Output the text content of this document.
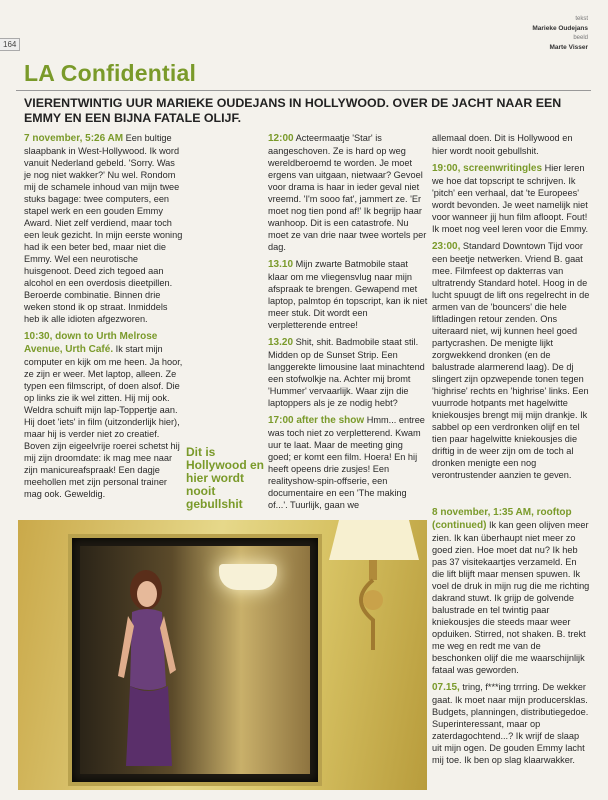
164
tekst
Marieke Oudejans
beeld
Marte Visser
LA Confidential
VIERENTWINTIG UUR MARIEKE OUDEJANS IN HOLLYWOOD. OVER DE JACHT NAAR EEN EMMY EN EEN BIJNA FATALE OLIJF.

7 november, 5:26 AM Een bultige slaapbank in West-Hollywood. Ik word vanuit Nederland gebeld. 'Sorry. Was je nog niet wakker?' Nu wel. Rondom mij de schamele inhoud van mijn twee stuks bagage: twee computers, een stapel werk en een gouden Emmy Award. Niet zelf verdiend, maar toch een leuk gezicht. In mijn eerste woning had ik een beter bed, maar niet die Emmy. Wel een neurotische huisgenoot. Deed zich tegoed aan alcohol en een overdosis dieetpillen. Beroerde combinatie. Binnen drie weken stond ik op straat. Inmiddels heb ik alle idioten afgezworen.

10:30, down to Urth Melrose Avenue, Urth Café. Ik start mijn computer en kijk om me heen. Ja hoor, ze zijn er weer. Met laptop, alleen. Ze typen een filmscript, of doen alsof. Die op links zie ik wel zitten. Hij mij ook. Weldra schuift mijn lap-Toppertje aan. Hij doet 'iets' in film (uitzonderlijk hier), maar hij is verder niet zo creatief. Boven zijn eigeelvrije roerei schetst hij mij zijn droomdate: ik mag mee naar zijn manicureafspraak! Een dagje meehollen met zijn personal trainer mag ook. Geweldig.

Dit is Hollywood en hier wordt nooit gebullshit

12:00 Acteermaatje 'Star' is aangeschoven. Ze is hard op weg wereldberoemd te worden. Je moet ergens van uitgaan, nietwaar? Gevoel voor drama is haar in ieder geval niet vreemd. 'I'm sooo fat', jammert ze. 'Er moet nog tien pond af!' Ik begrijp haar wanhoop. Dit is een catastrofe. Nu moet ze van drie naar twee wortels per dag.

13.10 Mijn zwarte Batmobile staat klaar om me vliegensvlug naar mijn afspraak te brengen. Gewapend met laptop, palmtop én topscript, kan ik niet meer stuk. Dit wordt een verpletterende entree!

13.20 Shit, shit. Badmobile staat stil. Midden op de Sunset Strip. Een langgerekte limousine laat minachtend een stofwolkje na. Achter mij bromt 'Hummer' vervaarlijk. Waar zijn die laptoppers als je ze nodig hebt?

17:00 after the show Hmm... entree was toch niet zo verpletterend. Kwam uur te laat. Maar de meeting ging goed; er komt een film. Hoera! En hij heeft opeens drie zusjes! Een realityshow-spin-offserie, een documentaire en een 'The making of...'. Tuurlijk, gaan we

allemaal doen. Dit is Hollywood en hier wordt nooit gebullshit.

19:00, screenwritingles Hier leren we hoe dat topscript te schrijven. Ik 'pitch' een verhaal, dat 'te Europees' wordt bevonden. Je weet namelijk niet voor wanneer jij hun film afloopt. Fout! Ik moet nog veel leren voor die Emmy.

23:00, Standard Downtown Tijd voor een beetje netwerken. Vriend B. gaat mee. Filmfeest op dakterras van ultratrendy Standard hotel. Hoog in de lucht spuugt de lift ons regelrecht in de armen van de 'bouncers' die hele liftladingen retour zenden. Ons uiteraard niet, wij kunnen heel goed partycrashen. De menigte lijkt zorgwekkend dronken (en de balustrade alarmerend laag). De dj slingert zijn opzwepende tonen tegen 'highrise' rechts en 'highrise' links. Een vuurrode hotpants met hagelwitte kniekousjes brengt mij mijn drankje. Ik sabbel op een verdronken olijf en tel tien paar hagelwitte kniekousjes die driftig in de weer zijn om de toch al dronken menigte een nog verontrustender aanzien te geven.

8 november, 1:35 AM, rooftop (continued) Ik kan geen olijven meer zien. Ik kan überhaupt niet meer zo goed zien. Hoe moet dat nu? Ik heb pas 37 visitekaartjes verzameld. En die lift blijft maar mensen spuwen. Ik voel de druk in mijn rug die me richting dakrand stuwt. Ik grijp de golvende balustrade en tel twintig paar kniekousjes die steeds maar weer opduiken. Stirred, not shaken. B. trekt me weg en redt me van de beschonken olijf die me waarschijnlijk fataal was geworden.

07.15, tring, f***ing trrring. De wekker gaat. Ik moet naar mijn producersklas. Budgets, planningen, distributiegedoe. Superinteressant, maar op zaterdagochtend...? Ik wrijf de slaap uit mijn ogen. De gouden Emmy lacht mij toe. Ik ben op slag klaarwakker.
